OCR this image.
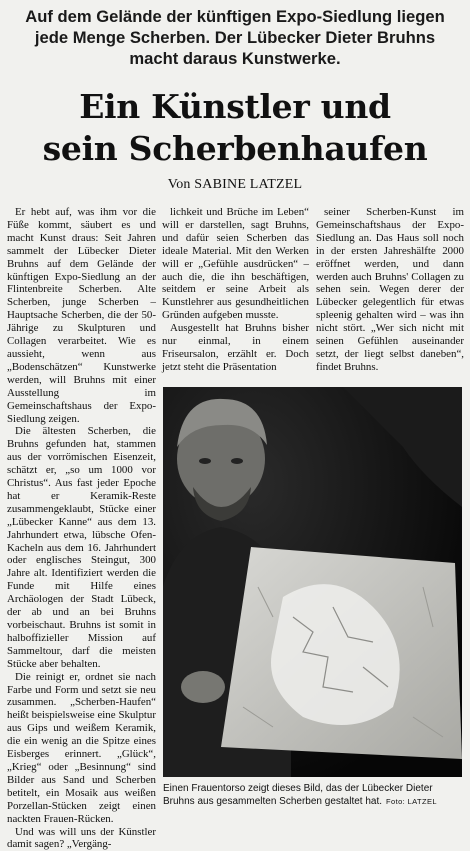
Auf dem Gelände der künftigen Expo-Siedlung liegen jede Menge Scherben. Der Lübecker Dieter Bruhns macht daraus Kunstwerke.
Ein Künstler und
sein Scherbenhaufen
Von SABINE LATZEL

Er hebt auf, was ihm vor die Füße kommt, säubert es und macht Kunst draus: Seit Jahren sammelt der Lübecker Dieter Bruhns auf dem Gelände der künftigen Expo-Siedlung an der Flintenbreite Scherben. Alte Scherben, junge Scherben – Hauptsache Scherben, die der 50-Jährige zu Skulpturen und Collagen verarbeitet. Wie es aussieht, wenn aus „Bodenschätzen“ Kunstwerke werden, will Bruhns mit einer Ausstellung im Gemeinschaftshaus der Expo-Siedlung zeigen.

Die ältesten Scherben, die Bruhns gefunden hat, stammen aus der vorrömischen Eisenzeit, schätzt er, „so um 1000 vor Christus“. Aus fast jeder Epoche hat er Keramik-Reste zusammengeklaubt, Stücke einer „Lübecker Kanne“ aus dem 13. Jahrhundert etwa, lübsche Ofen-Kacheln aus dem 16. Jahrhundert oder englisches Steingut, 300 Jahre alt. Identifiziert werden die Funde mit Hilfe eines Archäologen der Stadt Lübeck, der ab und an bei Bruhns vorbeischaut. Bruhns ist somit in halboffizieller Mission auf Sammeltour, darf die meisten Stücke aber behalten.

Die reinigt er, ordnet sie nach Farbe und Form und setzt sie neu zusammen. „Scherben-Haufen“ heißt beispielsweise eine Skulptur aus Gips und weißem Keramik, die ein wenig an die Spitze eines Eisberges erinnert. „Glück“, „Krieg“ oder „Besinnung“ sind Bilder aus Sand und Scherben betitelt, ein Mosaik aus weißen Porzellan-Stücken zeigt einen nackten Frauen-Rücken.

Und was will uns der Künstler damit sagen? „Vergäng-

lichkeit und Brüche im Leben“ will er darstellen, sagt Bruhns, und dafür seien Scherben das ideale Material. Mit den Werken will er „Gefühle ausdrücken“ – auch die, die ihn beschäftigen, seitdem er seine Arbeit als Kunstlehrer aus gesundheitlichen Gründen aufgeben musste.

Ausgestellt hat Bruhns bisher nur einmal, in einem Friseursalon, erzählt er. Doch jetzt steht die Präsentation

seiner Scherben-Kunst im Gemeinschaftshaus der Expo-Siedlung an. Das Haus soll noch in der ersten Jahreshälfte 2000 eröffnet werden, und dann werden auch Bruhns' Collagen zu sehen sein. Wegen derer der Lübecker gelegentlich für etwas spleenig gehalten wird – was ihn nicht stört. „Wer sich nicht mit seinen Gefühlen auseinander setzt, der liegt selbst daneben“, findet Bruhns.

Einen Frauentorso zeigt dieses Bild, das der Lübecker Dieter Bruhns aus gesammelten Scherben gestaltet hat. Foto: LATZEL
